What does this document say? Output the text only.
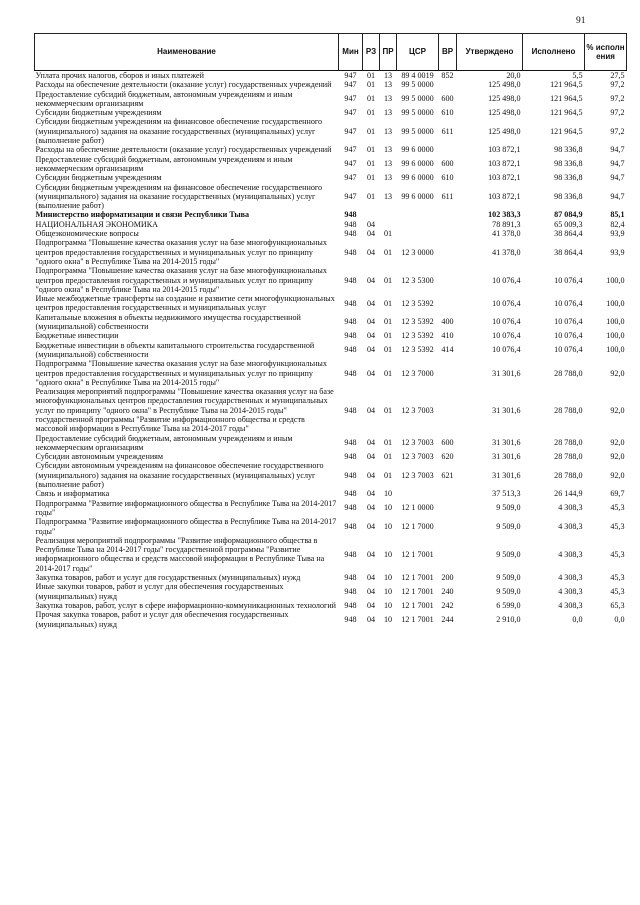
91
Наименование	Мин	РЗ	ПР	ЦСР	ВР	Утверждено	Исполнено	% исполн ения
Уплата прочих налогов, сборов и иных платежей	947	01	13	89 4 0019	852	20,0	5,5	27,5
Расходы на обеспечение деятельности (оказание услуг) государственных учреждений	947	01	13	99 5 0000		125 498,0	121 964,5	97,2
Предоставление субсидий бюджетным, автономным учреждениям и иным некоммерческим организациям	947	01	13	99 5 0000	600	125 498,0	121 964,5	97,2
Субсидии бюджетным учреждениям	947	01	13	99 5 0000	610	125 498,0	121 964,5	97,2
Субсидии бюджетным учреждениям на финансовое обеспечение государственного (муниципального) задания на оказание государственных (муниципальных) услуг (выполнение работ)	947	01	13	99 5 0000	611	125 498,0	121 964,5	97,2
Расходы на обеспечение деятельности (оказание услуг) государственных учреждений	947	01	13	99 6 0000		103 872,1	98 336,8	94,7
Предоставление субсидий бюджетным, автономным учреждениям и иным некоммерческим организациям	947	01	13	99 6 0000	600	103 872,1	98 336,8	94,7
Субсидии бюджетным учреждениям	947	01	13	99 6 0000	610	103 872,1	98 336,8	94,7
Субсидии бюджетным учреждениям на финансовое обеспечение государственного (муниципального) задания на оказание государственных (муниципальных) услуг (выполнение работ)	947	01	13	99 6 0000	611	103 872,1	98 336,8	94,7
Министерство информатизации и связи Республики Тыва	948					102 383,3	87 084,9	85,1
НАЦИОНАЛЬНАЯ ЭКОНОМИКА	948	04				78 891,3	65 009,3	82,4
Общеэкономические вопросы	948	04	01			41 378,0	38 864,4	93,9
Подпрограмма "Повышение качества оказания услуг на базе многофункциональных центров предоставления государственных и муниципальных услуг по принципу "одного окна" в Республике Тыва на 2014-2015 годы"	948	04	01	12 3 0000		41 378,0	38 864,4	93,9
Подпрограмма "Повышение качества оказания услуг на базе многофункциональных центров предоставления государственных и муниципальных услуг по принципу "одного окна" в Республике Тыва на 2014-2015 годы"	948	04	01	12 3 5300		10 076,4	10 076,4	100,0
Иные межбюджетные трансферты на создание и развитие сети многофункциональных центров предоставления государственных и муниципальных услуг	948	04	01	12 3 5392		10 076,4	10 076,4	100,0
Капитальные вложения в объекты недвижимого имущества государственной (муниципальной) собственности	948	04	01	12 3 5392	400	10 076,4	10 076,4	100,0
Бюджетные инвестиции	948	04	01	12 3 5392	410	10 076,4	10 076,4	100,0
Бюджетные инвестиции в объекты капитального строительства государственной (муниципальной) собственности	948	04	01	12 3 5392	414	10 076,4	10 076,4	100,0
Подпрограмма "Повышение качества оказания услуг на базе многофункциональных центров предоставления государственных и муниципальных услуг по принципу "одного окна" в Республике Тыва на 2014-2015 годы"	948	04	01	12 3 7000		31 301,6	28 788,0	92,0
Реализация мероприятий подпрограммы "Повышение качества оказания услуг на базе многофункциональных центров предоставления государственных и муниципальных услуг по принципу "одного окна" в Республике Тыва на 2014-2015 годы" государственной программы "Развитие информационного общества и средств массовой информации в Республике Тыва на 2014-2017 годы"	948	04	01	12 3 7003		31 301,6	28 788,0	92,0
Предоставление субсидий бюджетным, автономным учреждениям и иным некоммерческим организациям	948	04	01	12 3 7003	600	31 301,6	28 788,0	92,0
Субсидии автономным учреждениям	948	04	01	12 3 7003	620	31 301,6	28 788,0	92,0
Субсидии автономным учреждениям на финансовое обеспечение государственного (муниципального) задания на оказание государственных (муниципальных) услуг (выполнение работ)	948	04	01	12 3 7003	621	31 301,6	28 788,0	92,0
Связь и информатика	948	04	10			37 513,3	26 144,9	69,7
Подпрограмма "Развитие информационного общества в Республике Тыва на 2014-2017 годы"	948	04	10	12 1 0000		9 509,0	4 308,3	45,3
Подпрограмма "Развитие информационного общества в Республике Тыва на 2014-2017 годы"	948	04	10	12 1 7000		9 509,0	4 308,3	45,3
Реализация мероприятий подпрограммы "Развитие информационного общества в Республике Тыва на 2014-2017 годы" государственной программы "Развитие информационного общества и средств массовой информации в Республике Тыва на 2014-2017 годы"	948	04	10	12 1 7001		9 509,0	4 308,3	45,3
Закупка товаров, работ и услуг для государственных (муниципальных) нужд	948	04	10	12 1 7001	200	9 509,0	4 308,3	45,3
Иные закупки товаров, работ и услуг для обеспечения государственных (муниципальных) нужд	948	04	10	12 1 7001	240	9 509,0	4 308,3	45,3
Закупка товаров, работ, услуг в сфере информационно-коммуникационных технологий	948	04	10	12 1 7001	242	6 599,0	4 308,3	65,3
Прочая закупка товаров, работ и услуг для обеспечения государственных (муниципальных) нужд	948	04	10	12 1 7001	244	2 910,0	0,0	0,0
